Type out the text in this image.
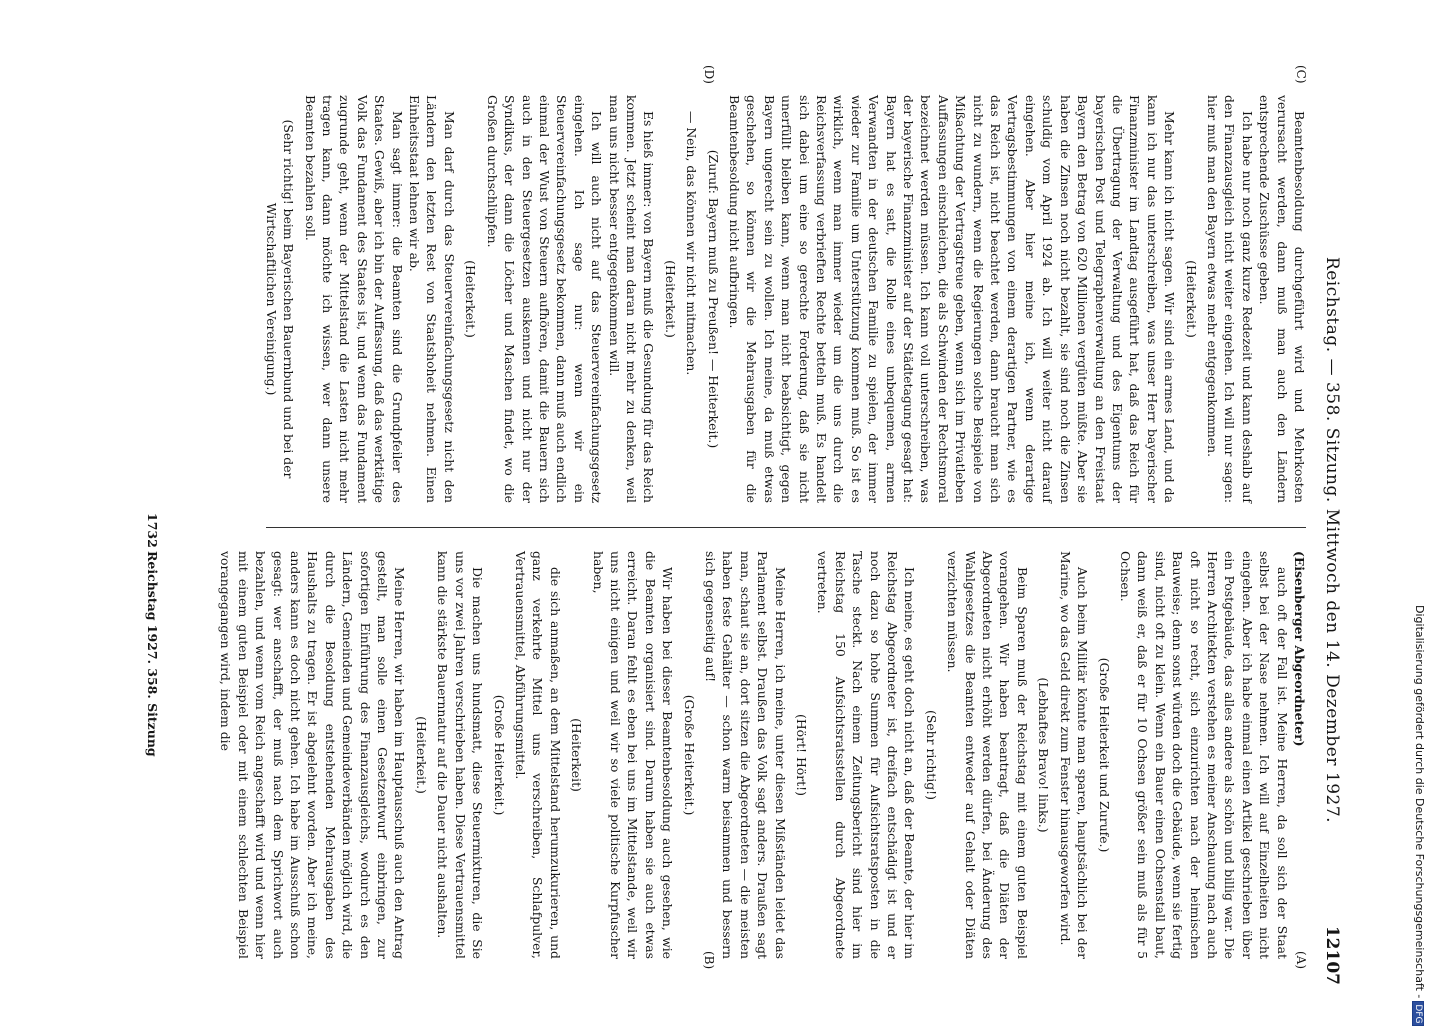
Reichstag. — 358. Sitzung. Mittwoch den 14. Dezember 1927.
12107

Beamtenbesoldung durchgeführt wird und Mehrkosten verursacht werden, dann muß man auch den Ländern entsprechende Zuschüsse geben.

Ich habe nur noch ganz kurze Redezeit und kann deshalb auf den Finanzausgleich nicht weiter eingehen. Ich will nur sagen: hier muß man den Bayern etwas mehr entgegenkommen.

(Heiterkeit.)

Mehr kann ich nicht sagen. Wir sind ein armes Land, und da kann ich nur das unterschreiben, was unser Herr bayerischer Finanzminister im Landtag ausgeführt hat, daß das Reich für die Übertragung der Verwaltung und des Eigentums der bayerischen Post und Telegraphenverwaltung an den Freistaat Bayern den Betrag von 620 Millionen vergüten müßte. Aber sie haben die Zinsen noch nicht bezahlt, sie sind noch die Zinsen schuldig vom April 1924 ab. Ich will weiter nicht darauf eingehen. Aber hier meine ich, wenn derartige Vertragsbestimmungen von einem derartigen Partner, wie es das Reich ist, nicht beachtet werden, dann braucht man sich nicht zu wundern, wenn die Regierungen solche Beispiele von Mißachtung der Vertragstreue geben, wenn sich im Privatleben Auffassungen einschleichen, die als Schwinden der Rechtsmoral bezeichnet werden müssen. Ich kann voll unterschreiben, was der bayerische Finanzminister auf der Städtetagung gesagt hat: Bayern hat es satt, die Rolle eines unbequemen, armen Verwandten in der deutschen Familie zu spielen, der immer wieder zur Familie um Unterstützung kommen muß. So ist es wirklich, wenn man immer wieder um die uns durch die Reichsverfassung verbrieften Rechte betteln muß. Es handelt sich dabei um eine so gerechte Forderung, daß sie nicht unerfüllt bleiben kann, wenn man nicht beabsichtigt, gegen Bayern ungerecht sein zu wollen. Ich meine, da muß etwas geschehen, so können wir die Mehrausgaben für die Beamtenbesoldung nicht aufbringen.

(Zuruf: Bayern muß zu Preußen! — Heiterkeit.)

— Nein, das können wir nicht mitmachen.

(Heiterkeit.)

Es hieß immer: von Bayern muß die Gesundung für das Reich kommen. Jetzt scheint man daran nicht mehr zu denken, weil man uns nicht besser entgegenkommen will.

Ich will auch nicht auf das Steuervereinfachungsgesetz eingehen. Ich sage nur: wenn wir ein Steuervereinfachungsgesetz bekommen, dann muß auch endlich einmal der Wust von Steuern aufhören, damit die Bauern sich auch in den Steuergesetzen auskennen und nicht nur der Syndikus, der dann die Löcher und Maschen findet, wo die Großen durchschlüpfen.

(Heiterkeit.)

Man darf durch das Steuervereinfachungsgesetz nicht den Ländern den letzten Rest von Staatshoheit nehmen. Einen Einheitsstaat lehnen wir ab.

Man sagt immer: die Beamten sind die Grundpfeiler des Staates. Gewiß, aber ich bin der Auffassung, daß das werktätige Volk das Fundament des Staates ist, und wenn das Fundament zugrunde geht, wenn der Mittelstand die Lasten nicht mehr tragen kann, dann möchte ich wissen, wer dann unsere Beamten bezahlen soll.

(Sehr richtig! beim Bayerischen Bauernbund und bei der Wirtschaftlichen Vereinigung.)

(Eisenberger Abgeordneter)

auch oft der Fall ist. Meine Herren, da soll sich der Staat selbst bei der Nase nehmen. Ich will auf Einzelheiten nicht eingehen. Aber ich habe einmal einen Artikel geschrieben über ein Postgebäude, das alles andere als schön und billig war. Die Herren Architekten verstehen es meiner Anschauung nach auch oft nicht so recht, sich einzurichten nach der heimischen Bauweise; denn sonst würden doch die Gebäude, wenn sie fertig sind, nicht oft zu klein. Wenn ein Bauer einen Ochsenstall baut, dann weiß er, daß er für 10 Ochsen größer sein muß als für 5 Ochsen.

(Große Heiterkeit und Zurufe.)

Auch beim Militär könnte man sparen, hauptsächlich bei der Marine, wo das Geld direkt zum Fenster hinausgeworfen wird.

(Lebhaftes Bravo! links.)

Beim Sparen muß der Reichstag mit einem guten Beispiel vorangehen. Wir haben beantragt, daß die Diäten der Abgeordneten nicht erhöht werden dürfen, bei Änderung des Wahlgesetzes die Beamten entweder auf Gehalt oder Diäten verzichten müssen.

(Sehr richtig!)

Ich meine, es geht doch nicht an, daß der Beamte, der hier im Reichstag Abgeordneter ist, dreifach entschädigt ist und er noch dazu so hohe Summen für Aufsichtsratsposten in die Tasche steckt. Nach einem Zeitungsbericht sind hier im Reichstag 150 Aufsichtsratsstellen durch Abgeordnete vertreten.

(Hört! Hört!)

Meine Herren, ich meine, unter diesen Mißständen leidet das Parlament selbst. Draußen das Volk sagt anders. Draußen sagt man, schaut sie an, dort sitzen die Abgeordneten — die meisten haben feste Gehälter — schon warm beisammen und bessern sich gegenseitig auf!

(Große Heiterkeit.)

Wir haben bei dieser Beamtenbesoldung auch gesehen, wie die Beamten organisiert sind. Darum haben sie auch etwas erreicht. Daran fehlt es eben bei uns im Mittelstande, weil wir uns nicht einigen und weil wir so viele politische Kurpfuscher haben,

(Heiterkeit)

die sich anmaßen, an dem Mittelstand herumzukurieren, und ganz verkehrte Mittel uns verschreiben, Schlafpulver, Vertrauensmittel, Abführungsmittel.

(Große Heiterkeit.)

Die machen uns hundsmatt, diese Steuermixturen, die Sie uns vor zwei Jahren verschrieben haben. Diese Vertrauensmittel kann die stärkste Bauernnatur auf die Dauer nicht aushalten.

(Heiterkeit.)

Meine Herren, wir haben im Hauptausschuß auch den Antrag gestellt, man solle einen Gesetzentwurf einbringen, zur sofortigen Einführung des Finanzausgleichs, wodurch es den Ländern, Gemeinden und Gemeindeverbänden möglich wird, die durch die Besoldung entstehenden Mehrausgaben des Haushalts zu tragen. Er ist abgelehnt worden. Aber ich meine, anders kann es doch nicht gehen. Ich habe im Ausschuß schon gesagt: wer anschafft, der muß nach dem Sprichwort auch bezahlen, und wenn vom Reich angeschafft wird und wenn hier mit einem guten Beispiel oder mit einem schlechten Beispiel vorangegangen wird, indem die

(A)
(B)
(C)
(D)
Reichstag 1927. 358. Sitzung
1732
Digitalisierung gefördert durch die Deutsche Forschungsgemeinschaft -DFG
